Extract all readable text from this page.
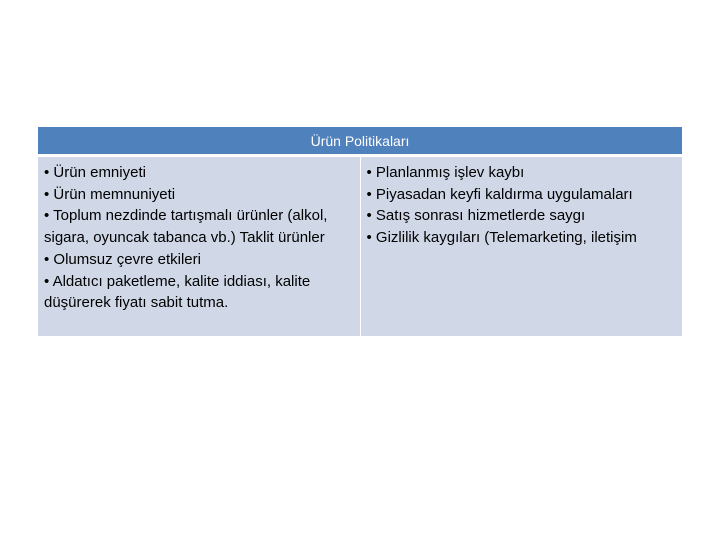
Ürün Politikaları

• Ürün emniyeti
• Ürün memnuniyeti
• Toplum nezdinde tartışmalı ürünler (alkol, sigara, oyuncak tabanca vb.) Taklit ürünler
• Olumsuz çevre etkileri
• Aldatıcı paketleme, kalite iddiası, kalite düşürerek fiyatı sabit tutma.

• Planlanmış işlev kaybı
• Piyasadan keyfi kaldırma uygulamaları
• Satış sonrası hizmetlerde saygı
• Gizlilik kaygıları (Telemarketing, iletişim
